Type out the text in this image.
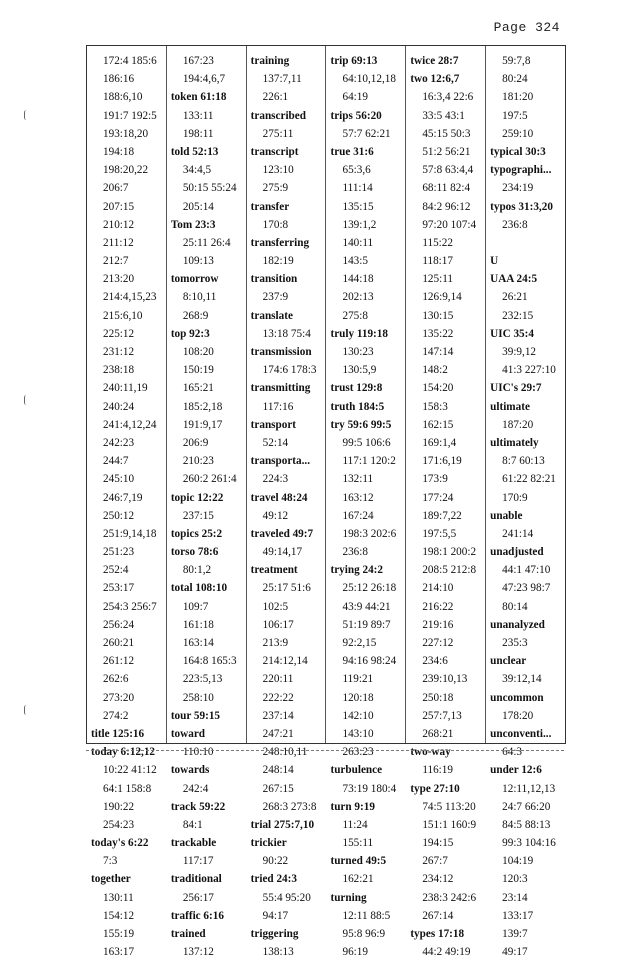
Page 324
172:4 185:6
186:16
188:6,10
191:7 192:5
193:18,20
194:18
198:20,22
206:7
207:15
210:12
211:12
212:7
213:20
214:4,15,23
215:6,10
225:12
231:12
238:18
240:11,19
240:24
241:4,12,24
242:23
244:7
245:10
246:7,19
250:12
251:9,14,18
251:23
252:4
253:17
254:3 256:7
256:24
260:21
261:12
262:6
273:20
274:2
title 125:16
today 6:12,12
10:22 41:12
64:1 158:8
190:22
254:23
today's 6:22
7:3
together
130:11
154:12
155:19
163:17
167:23
194:4,6,7
token 61:18
133:11
198:11
told 52:13
34:4,5
50:15 55:24
205:14
Tom 23:3
25:11 26:4
109:13
tomorrow
8:10,11
268:9
top 92:3
108:20
150:19
165:21
185:2,18
191:9,17
206:9
210:23
260:2 261:4
topic 12:22
237:15
topics 25:2
torso 78:6
80:1,2
total 108:10
109:7
161:18
163:14
164:8 165:3
223:5,13
258:10
tour 59:15
toward
110:10
towards
242:4
track 59:22
84:1
trackable
117:17
traditional
256:17
traffic 6:16
trained
137:12
training
137:7,11
226:1
transcribed
275:11
transcript
123:10
275:9
transfer
170:8
transferring
182:19
transition
237:9
translate
13:18 75:4
transmission
174:6 178:3
transmitting
117:16
transport
52:14
transporta...
224:3
travel 48:24
49:12
traveled 49:7
49:14,17
treatment
25:17 51:6
102:5
106:17
213:9
214:12,14
220:11
222:22
237:14
247:21
248:10,11
248:14
267:15
268:3 273:8
trial 275:7,10
trickier
90:22
tried 24:3
55:4 95:20
94:17
triggering
138:13
trip 69:13
64:10,12,18
64:19
trips 56:20
57:7 62:21
true 31:6
65:3,6
111:14
135:15
139:1,2
140:11
143:5
144:18
202:13
275:8
truly 119:18
130:23
130:5,9
trust 129:8
truth 184:5
try 59:6 99:5
99:5 106:6
117:1 120:2
132:11
163:12
167:24
198:3 202:6
236:8
trying 24:2
25:12 26:18
43:9 44:21
51:19 89:7
92:2,15
94:16 98:24
119:21
120:18
142:10
143:10
263:23
turbulence
73:19 180:4
turn 9:19
11:24
155:11
turned 49:5
162:21
turning
12:11 88:5
95:8 96:9
96:19
twice 28:7
two 12:6,7
16:3,4 22:6
33:5 43:1
45:15 50:3
51:2 56:21
57:8 63:4,4
68:11 82:4
84:2 96:12
97:20 107:4
115:22
118:17
125:11
126:9,14
130:15
135:22
147:14
148:2
154:20
158:3
162:15
169:1,4
171:6,19
173:9
177:24
189:7,22
197:5,5
198:1 200:2
208:5 212:8
214:10
216:22
219:16
227:12
234:6
239:10,13
250:18
257:7,13
268:21
two-way
116:19
type 27:10
74:5 113:20
151:1 160:9
194:15
267:7
234:12
238:3 242:6
267:14
types 17:18
44:2 49:19
59:7,8
80:24
181:20
197:5
259:10
typical 30:3
typographi...
234:19
typos 31:3,20
236:8
U
UAA 24:5
26:21
232:15
UIC 35:4
39:9,12
41:3 227:10
UIC's 29:7
ultimate
187:20
ultimately
8:7 60:13
61:22 82:21
170:9
unable
241:14
unadjusted
44:1 47:10
47:23 98:7
80:14
unanalyzed
235:3
unclear
39:12,14
uncommon
178:20
unconventi...
64:3
under 12:6
12:11,12,13
24:7 66:20
84:5 88:13
99:3 104:16
104:19
120:3
23:14
133:17
139:7
49:17
